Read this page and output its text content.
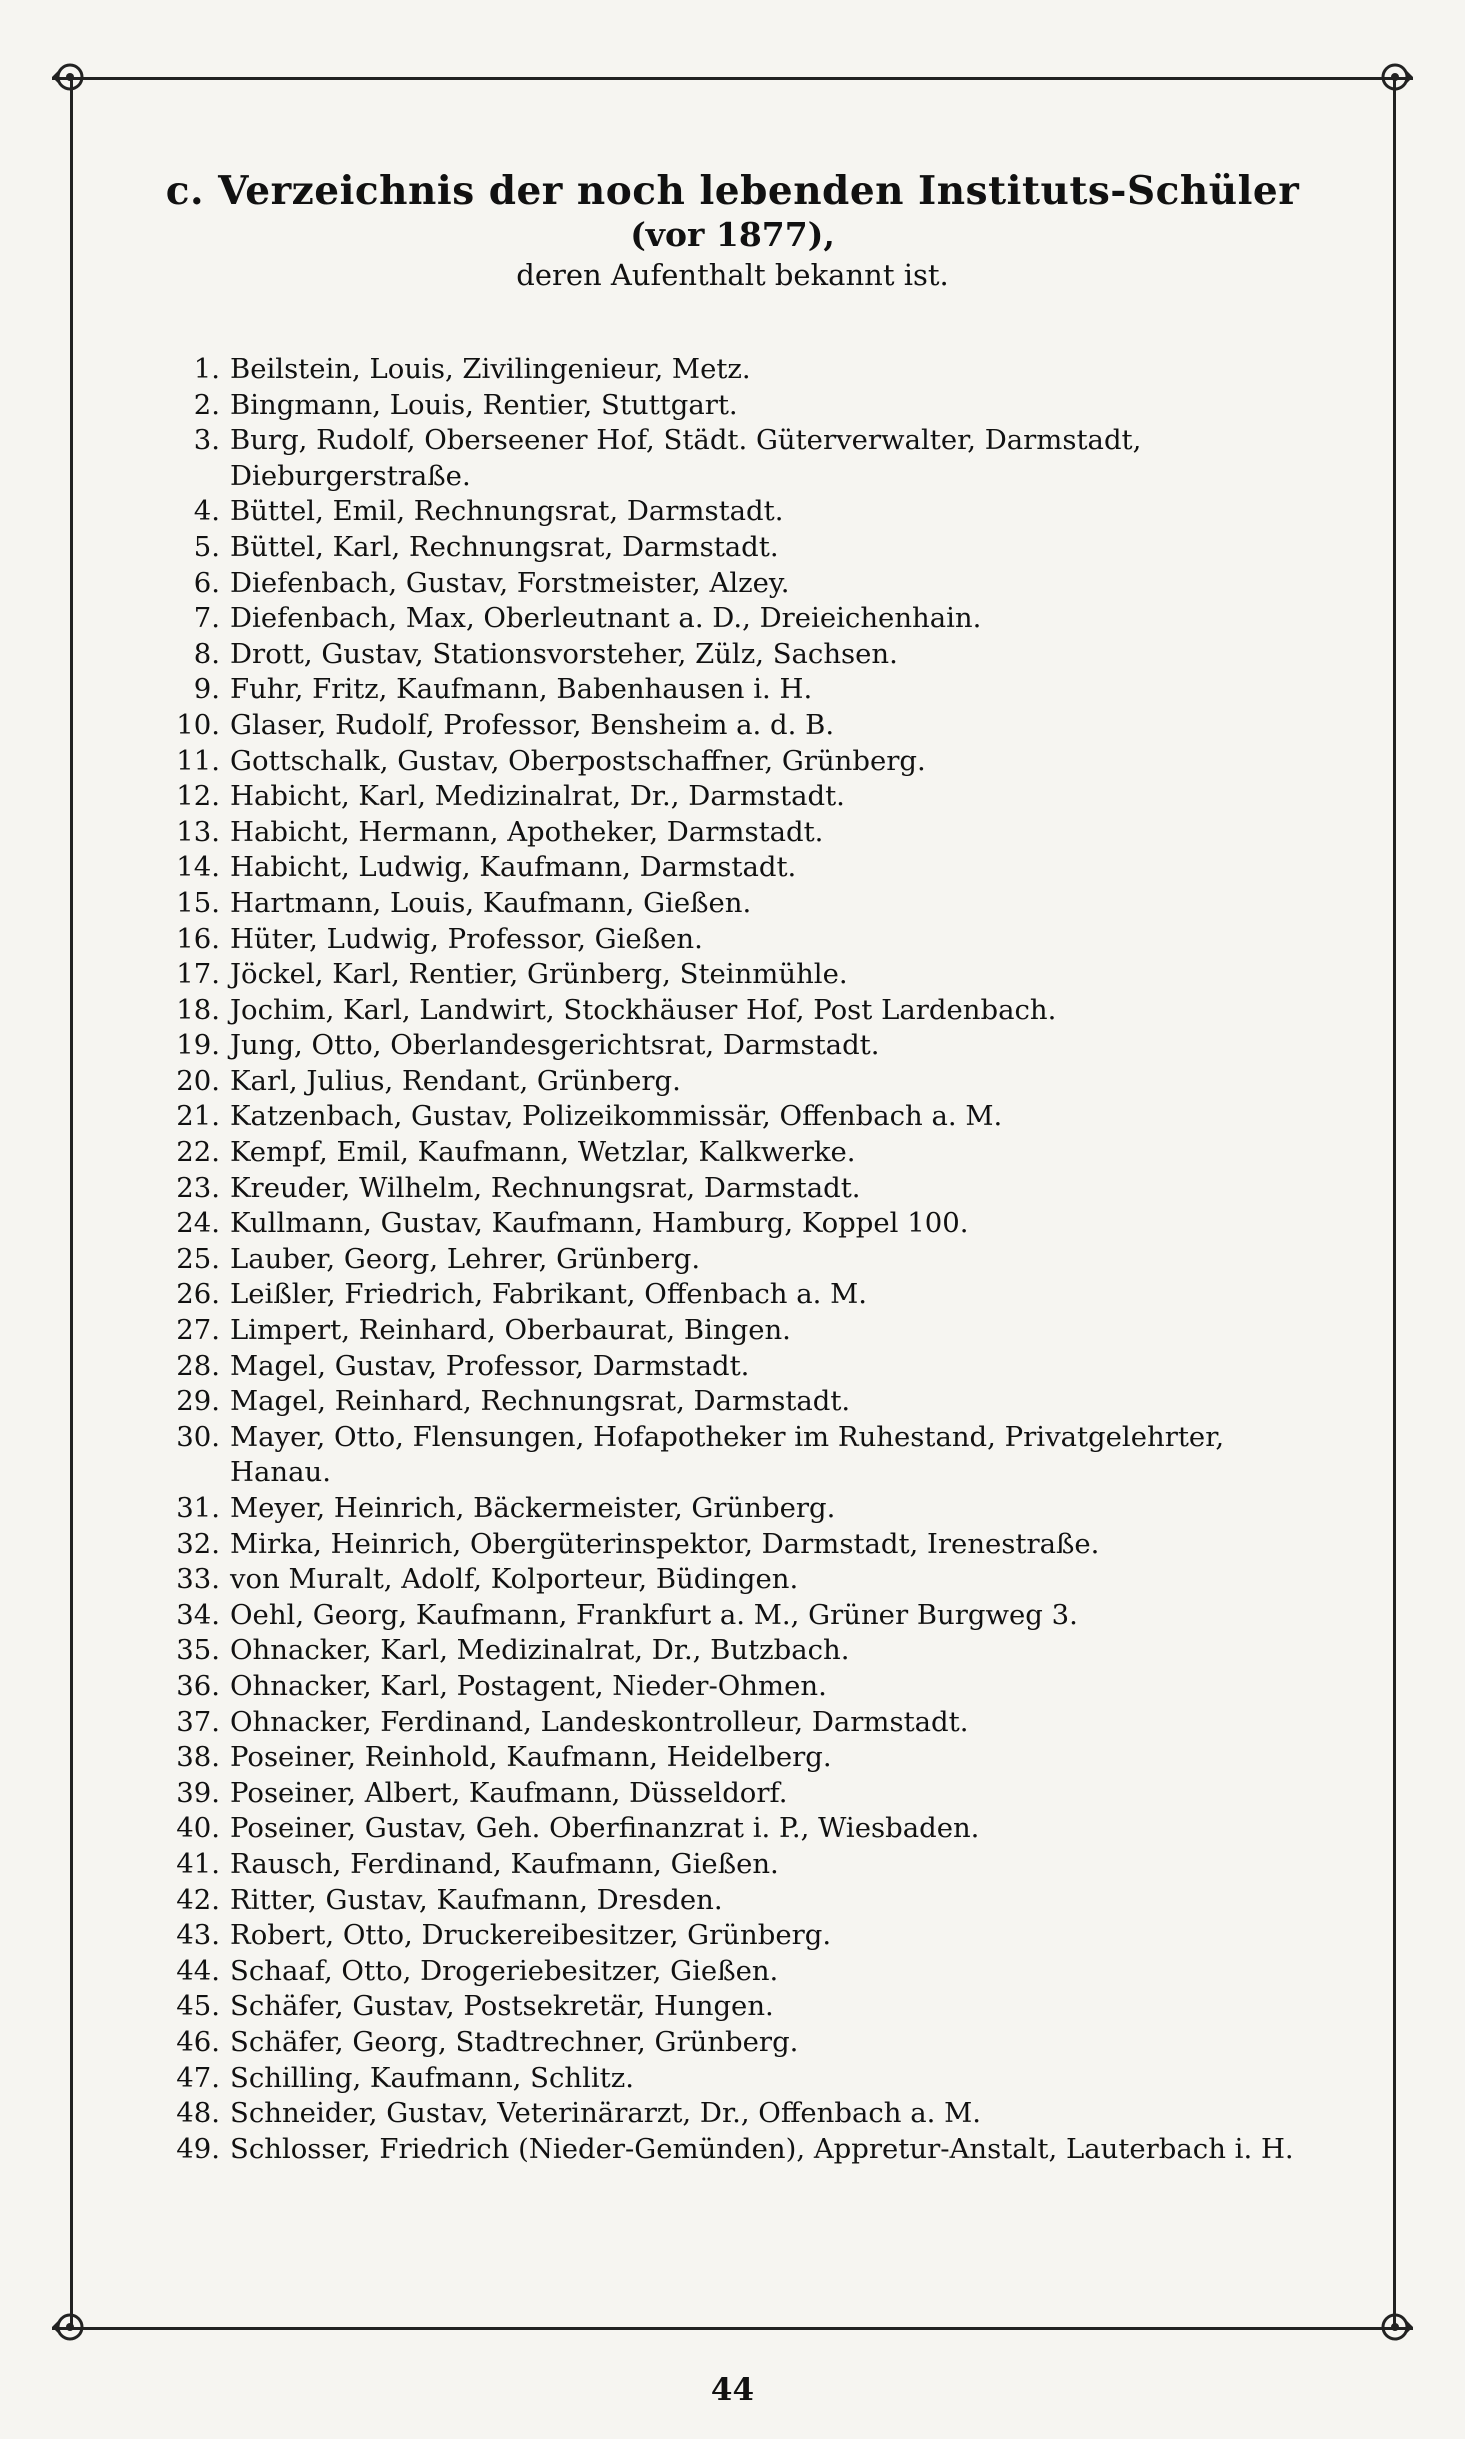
c. Verzeichnis der noch lebenden Instituts-Schüler
(vor 1877),
deren Aufenthalt bekannt ist.
1. Beilstein, Louis, Zivilingenieur, Metz.
2. Bingmann, Louis, Rentier, Stuttgart.
3. Burg, Rudolf, Oberseener Hof, Städt. Güterverwalter, Darmstadt, Dieburgerstraße.
4. Büttel, Emil, Rechnungsrat, Darmstadt.
5. Büttel, Karl, Rechnungsrat, Darmstadt.
6. Diefenbach, Gustav, Forstmeister, Alzey.
7. Diefenbach, Max, Oberleutnant a. D., Dreieichenhain.
8. Drott, Gustav, Stationsvorsteher, Zülz, Sachsen.
9. Fuhr, Fritz, Kaufmann, Babenhausen i. H.
10. Glaser, Rudolf, Professor, Bensheim a. d. B.
11. Gottschalk, Gustav, Oberpostschaffner, Grünberg.
12. Habicht, Karl, Medizinalrat, Dr., Darmstadt.
13. Habicht, Hermann, Apotheker, Darmstadt.
14. Habicht, Ludwig, Kaufmann, Darmstadt.
15. Hartmann, Louis, Kaufmann, Gießen.
16. Hüter, Ludwig, Professor, Gießen.
17. Jöckel, Karl, Rentier, Grünberg, Steinmühle.
18. Jochim, Karl, Landwirt, Stockhäuser Hof, Post Lardenbach.
19. Jung, Otto, Oberlandesgerichtsrat, Darmstadt.
20. Karl, Julius, Rendant, Grünberg.
21. Katzenbach, Gustav, Polizeikommissär, Offenbach a. M.
22. Kempf, Emil, Kaufmann, Wetzlar, Kalkwerke.
23. Kreuder, Wilhelm, Rechnungsrat, Darmstadt.
24. Kullmann, Gustav, Kaufmann, Hamburg, Koppel 100.
25. Lauber, Georg, Lehrer, Grünberg.
26. Leißler, Friedrich, Fabrikant, Offenbach a. M.
27. Limpert, Reinhard, Oberbaurat, Bingen.
28. Magel, Gustav, Professor, Darmstadt.
29. Magel, Reinhard, Rechnungsrat, Darmstadt.
30. Mayer, Otto, Flensungen, Hofapotheker im Ruhestand, Privatgelehrter, Hanau.
31. Meyer, Heinrich, Bäckermeister, Grünberg.
32. Mirka, Heinrich, Obergüterinspektor, Darmstadt, Irenestraße.
33. von Muralt, Adolf, Kolporteur, Büdingen.
34. Oehl, Georg, Kaufmann, Frankfurt a. M., Grüner Burgweg 3.
35. Ohnacker, Karl, Medizinalrat, Dr., Butzbach.
36. Ohnacker, Karl, Postagent, Nieder-Ohmen.
37. Ohnacker, Ferdinand, Landeskontrolleur, Darmstadt.
38. Poseiner, Reinhold, Kaufmann, Heidelberg.
39. Poseiner, Albert, Kaufmann, Düsseldorf.
40. Poseiner, Gustav, Geh. Oberfinanzrat i. P., Wiesbaden.
41. Rausch, Ferdinand, Kaufmann, Gießen.
42. Ritter, Gustav, Kaufmann, Dresden.
43. Robert, Otto, Druckereibesitzer, Grünberg.
44. Schaaf, Otto, Drogeriebesitzer, Gießen.
45. Schäfer, Gustav, Postsekretär, Hungen.
46. Schäfer, Georg, Stadtrechner, Grünberg.
47. Schilling, Kaufmann, Schlitz.
48. Schneider, Gustav, Veterinärarzt, Dr., Offenbach a. M.
49. Schlosser, Friedrich (Nieder-Gemünden), Appretur-Anstalt, Lauterbach i. H.
44
